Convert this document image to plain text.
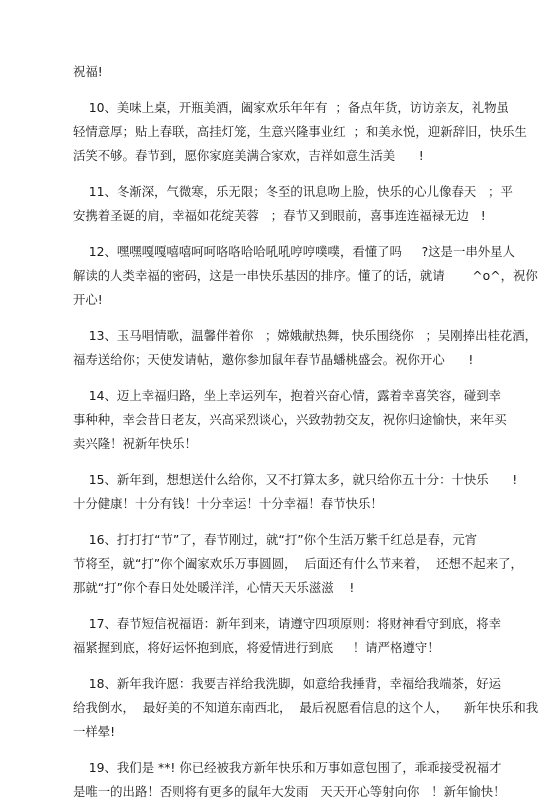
祝福!
10、美味上桌，开瓶美酒，阖家欢乐年年有  ；备点年货，访访亲友，礼物虽
轻情意厚；贴上春联，高挂灯笼，生意兴隆事业红  ；和美永悦，迎新辞旧，快乐生
活笑不够。春节到，愿你家庭美满合家欢，吉祥如意生活美      !
11、冬渐深，气微寒，乐无限；冬至的讯息吻上脸，快乐的心儿像春天   ；平
安携着圣诞的肩，幸福如花绽芙蓉   ；春节又到眼前，喜事连连福禄无边   !
12、嘿嘿嘎嘎嘻嘻呵呵咯咯哈哈吼吼哼哼噗噗，看懂了吗     ?这是一串外星人
解读的人类幸福的密码，这是一串快乐基因的排序。懂了的话，就请       ^o^，祝你
开心!
13、玉马唱情歌，温馨伴着你   ；嫦娥献热舞，快乐围绕你   ；吴刚捧出桂花酒，
福寿送给你；天使发请帖，邀你参加鼠年春节晶蟠桃盛会。祝你开心      !
14、迈上幸福归路，坐上幸运列车，抱着兴奋心情，露着幸喜笑容，碰到幸
事种种，幸会昔日老友，兴高采烈谈心，兴致勃勃交友，祝你归途愉快，来年买
卖兴隆！祝新年快乐！
15、新年到，想想送什么给你，又不打算太多，就只给你五十分：十快乐      !
十分健康！十分有钱！十分幸运！十分幸福！春节快乐！
16、打打打“节”了，春节刚过，就“打”你个生活万紫千红总是春，元宵
节将至，就“打”你个阖家欢乐万事圆圆，  后面还有什么节来着，  还想不起来了，
那就“打”你个春日处处暖洋洋，心情天天乐滋滋    !
17、春节短信祝福语：新年到来，请遵守四项原则：将财神看守到底，将幸
福紧握到底，将好运怀抱到底，将爱情进行到底     ！请严格遵守！
18、新年我许愿：我要吉祥给我洗脚，如意给我捶背，幸福给我端茶，好运
给我倒水，  最好美的不知道东南西北，  最后祝愿看信息的这个人，    新年快乐和我
一样晕!
19、我们是 **! 你已经被我方新年快乐和万事如意包围了，乖乖接受祝福才
是唯一的出路！否则将有更多的鼠年大发雨   天天开心等射向你   ！新年愉快！
